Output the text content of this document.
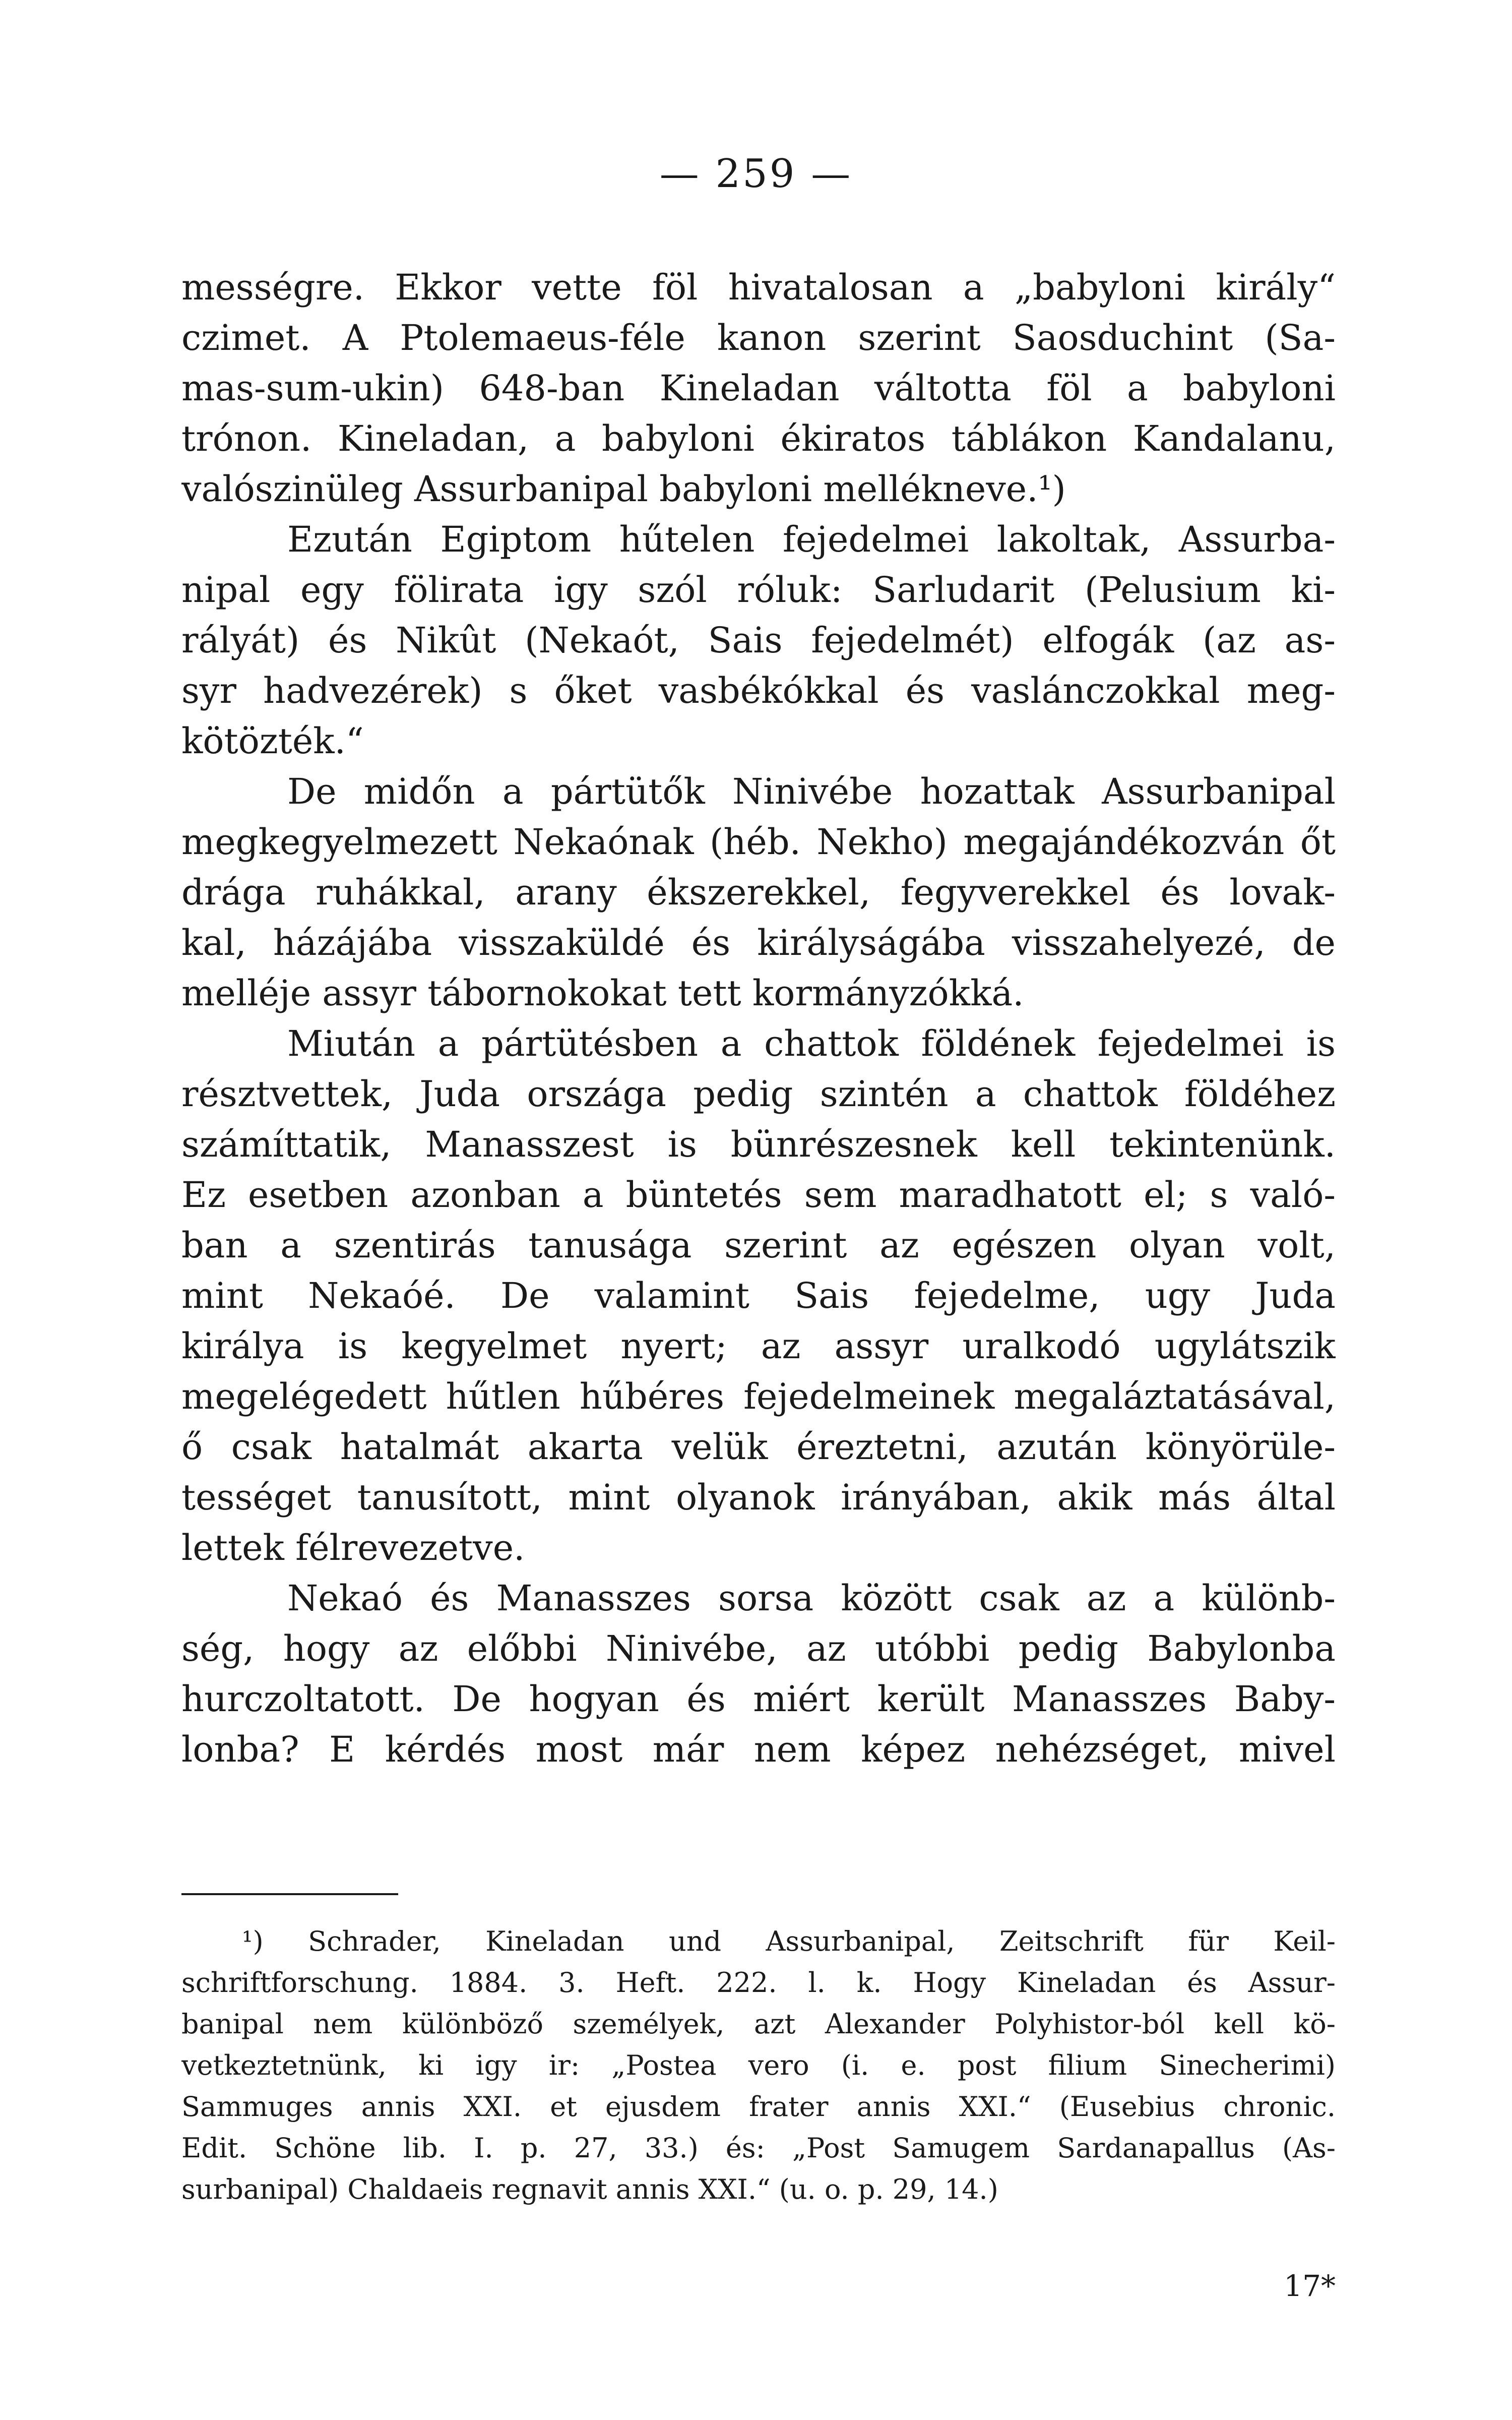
— 259 —
mességre. Ekkor vette föl hivatalosan a „babyloni király“
czimet. A Ptolemaeus-féle kanon szerint Saosduchint (Sa-
mas-sum-ukin) 648-ban Kineladan váltotta föl a babyloni
trónon. Kineladan, a babyloni ékiratos táblákon Kandalanu,
valószinüleg Assurbanipal babyloni mellékneve.¹)
Ezután Egiptom hűtelen fejedelmei lakoltak, Assurba-
nipal egy fölirata igy szól róluk: Sarludarit (Pelusium ki-
rályát) és Nikût (Nekaót, Sais fejedelmét) elfogák (az as-
syr hadvezérek) s őket vasbékókkal és vaslánczokkal meg-
kötözték.“
De midőn a pártütők Ninivébe hozattak Assurbanipal
megkegyelmezett Nekaónak (héb. Nekho) megajándékozván őt
drága ruhákkal, arany ékszerekkel, fegyverekkel és lovak-
kal, házájába visszaküldé és királyságába visszahelyezé, de
melléje assyr tábornokokat tett kormányzókká.
Miután a pártütésben a chattok földének fejedelmei is
résztvettek, Juda országa pedig szintén a chattok földéhez
számíttatik, Manasszest is bünrészesnek kell tekintenünk.
Ez esetben azonban a büntetés sem maradhatott el; s való-
ban a szentirás tanusága szerint az egészen olyan volt,
mint Nekaóé. De valamint Sais fejedelme, ugy Juda
királya is kegyelmet nyert; az assyr uralkodó ugylátszik
megelégedett hűtlen hűbéres fejedelmeinek megaláztatásával,
ő csak hatalmát akarta velük éreztetni, azután könyörüle-
tességet tanusított, mint olyanok irányában, akik más által
lettek félrevezetve.
Nekaó és Manasszes sorsa között csak az a különb-
ség, hogy az előbbi Ninivébe, az utóbbi pedig Babylonba
hurczoltatott. De hogyan és miért került Manasszes Baby-
lonba? E kérdés most már nem képez nehézséget, mivel
¹) Schrader, Kineladan und Assurbanipal, Zeitschrift für Keil-
schriftforschung. 1884. 3. Heft. 222. l. k. Hogy Kineladan és Assur-
banipal nem különböző személyek, azt Alexander Polyhistor-ból kell kö-
vetkeztetnünk, ki igy ir: „Postea vero (i. e. post filium Sinecherimi)
Sammuges annis XXI. et ejusdem frater annis XXI.“ (Eusebius chronic.
Edit. Schöne lib. I. p. 27, 33.) és: „Post Samugem Sardanapallus (As-
surbanipal) Chaldaeis regnavit annis XXI.“ (u. o. p. 29, 14.)
17*
